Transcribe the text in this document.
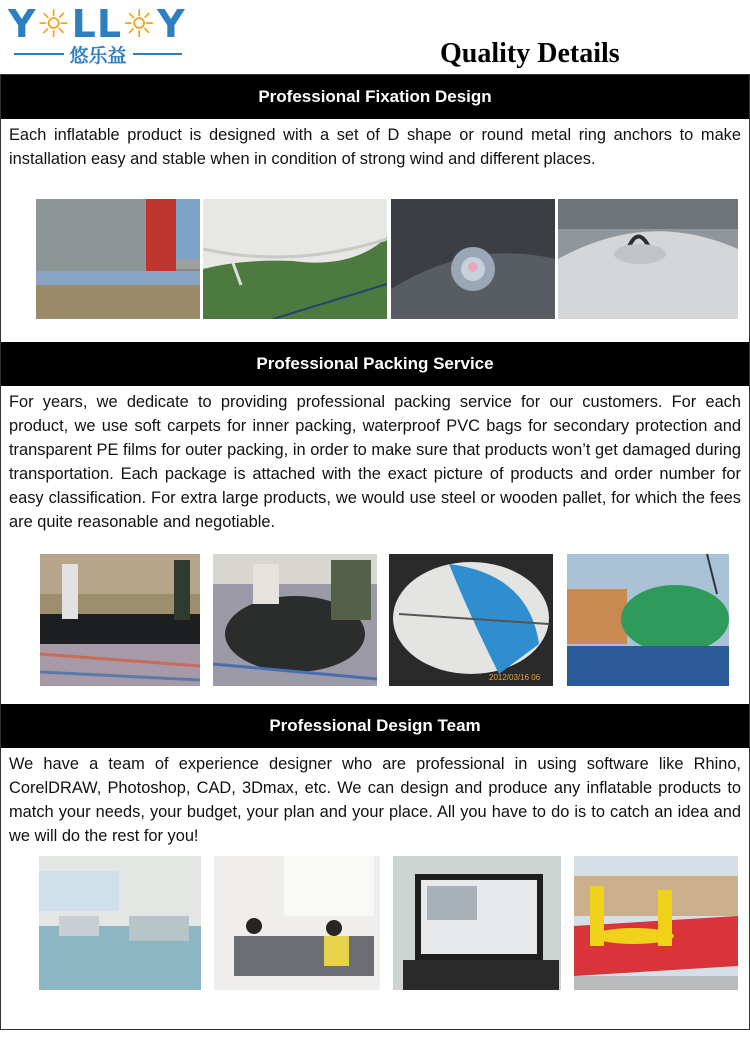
Y☼LL☼Y
悠乐益	Quality Details
Professional Fixation Design

Each inflatable product is designed with a set of D shape or round metal ring anchors to make installation easy and stable when in condition of strong wind and different places.

Professional Packing Service

For years, we dedicate to providing professional packing service for our customers. For each product, we use soft carpets for inner packing, waterproof PVC bags for secondary protection and transparent PE films for outer packing, in order to make sure that products won’t get damaged during transportation. Each package is attached with the exact picture of products and order number for easy classification. For extra large products, we would use steel or wooden pallet, for which the fees are quite reasonable and negotiable.

2012/03/16 06
Professional Design Team

We have a team of experience designer who are professional in using software like Rhino, CorelDRAW, Photoshop, CAD, 3Dmax, etc. We can design and produce any inflatable products to match your needs, your budget, your plan and your place. All you have to do is to catch an idea and we will do the rest for you!
